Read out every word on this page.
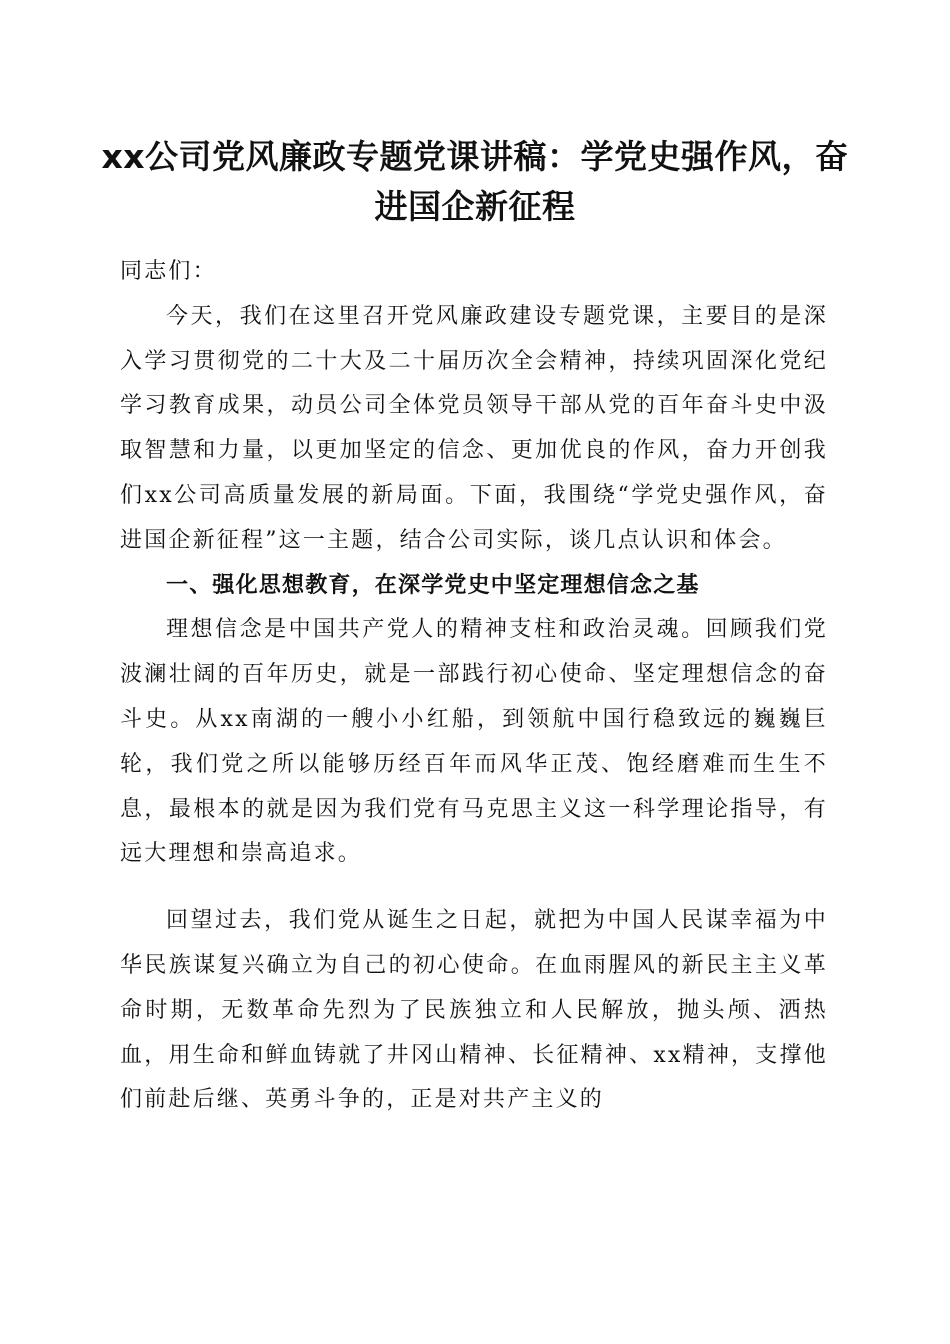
xx公司党风廉政专题党课讲稿：学党史强作风，奋进国企新征程

同志们：

今天，我们在这里召开党风廉政建设专题党课，主要目的是深入学习贯彻党的二十大及二十届历次全会精神，持续巩固深化党纪学习教育成果，动员公司全体党员领导干部从党的百年奋斗史中汲取智慧和力量，以更加坚定的信念、更加优良的作风，奋力开创我们xx公司高质量发展的新局面。下面，我围绕“学党史强作风，奋进国企新征程”这一主题，结合公司实际，谈几点认识和体会。

一、强化思想教育，在深学党史中坚定理想信念之基

理想信念是中国共产党人的精神支柱和政治灵魂。回顾我们党波澜壮阔的百年历史，就是一部践行初心使命、坚定理想信念的奋斗史。从xx南湖的一艘小小红船，到领航中国行稳致远的巍巍巨轮，我们党之所以能够历经百年而风华正茂、饱经磨难而生生不息，最根本的就是因为我们党有马克思主义这一科学理论指导，有远大理想和崇高追求。

回望过去，我们党从诞生之日起，就把为中国人民谋幸福为中华民族谋复兴确立为自己的初心使命。在血雨腥风的新民主主义革命时期，无数革命先烈为了民族独立和人民解放，抛头颅、洒热血，用生命和鲜血铸就了井冈山精神、长征精神、xx精神，支撑他们前赴后继、英勇斗争的，正是对共产主义的
